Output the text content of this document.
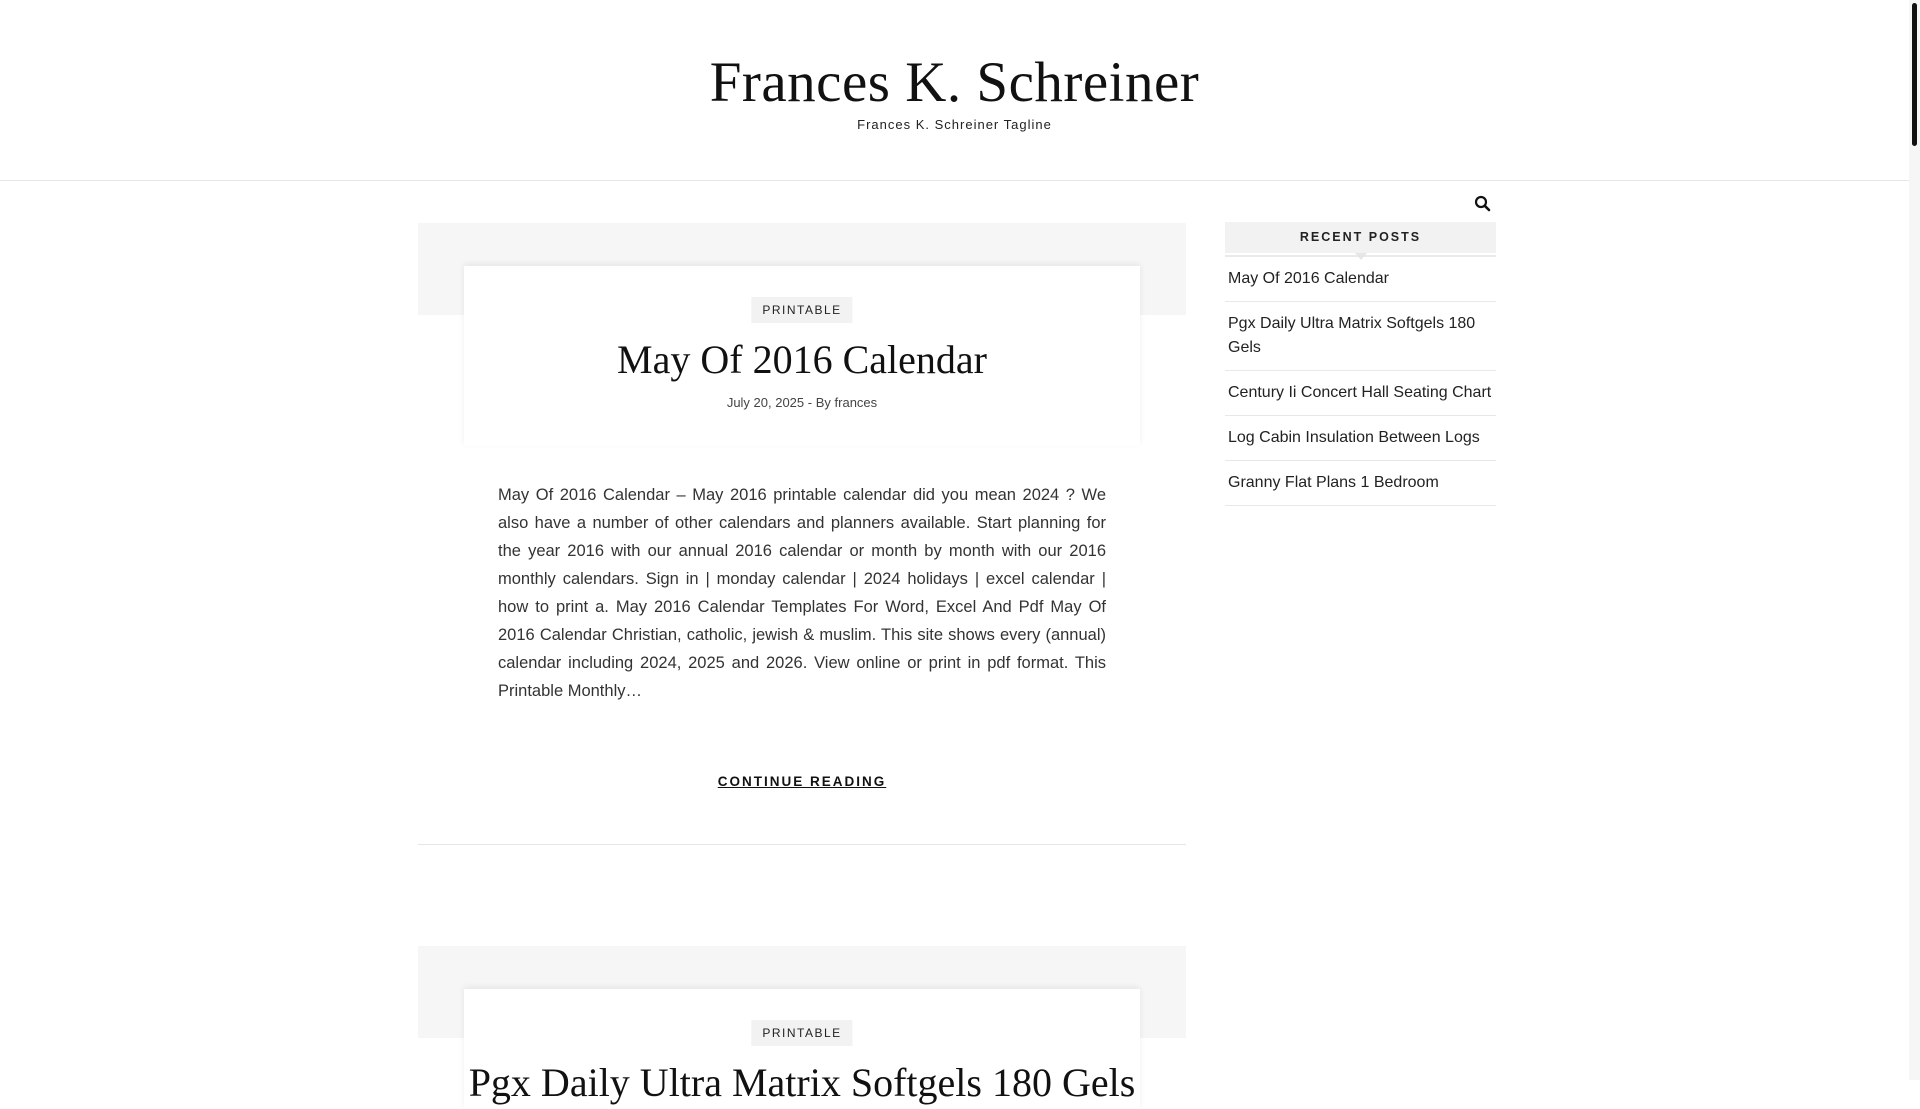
Frances K. Schreiner
Frances K. Schreiner Tagline
PRINTABLE
May Of 2016 Calendar
July 20, 2025 - By frances

May Of 2016 Calendar – May 2016 printable calendar did you mean 2024 ? We also have a number of other calendars and planners available. Start planning for the year 2016 with our annual 2016 calendar or month by month with our 2016 monthly calendars. Sign in | monday calendar | 2024 holidays | excel calendar | how to print a. May 2016 Calendar Templates For Word, Excel And Pdf May Of 2016 Calendar Christian, catholic, jewish & muslim. This site shows every (annual) calendar including 2024, 2025 and 2026. View online or print in pdf format. This Printable Monthly…

CONTINUE READING
PRINTABLE
Pgx Daily Ultra Matrix Softgels 180 Gels
RECENT POSTS
May Of 2016 Calendar
Pgx Daily Ultra Matrix Softgels 180 Gels
Century Ii Concert Hall Seating Chart
Log Cabin Insulation Between Logs
Granny Flat Plans 1 Bedroom
